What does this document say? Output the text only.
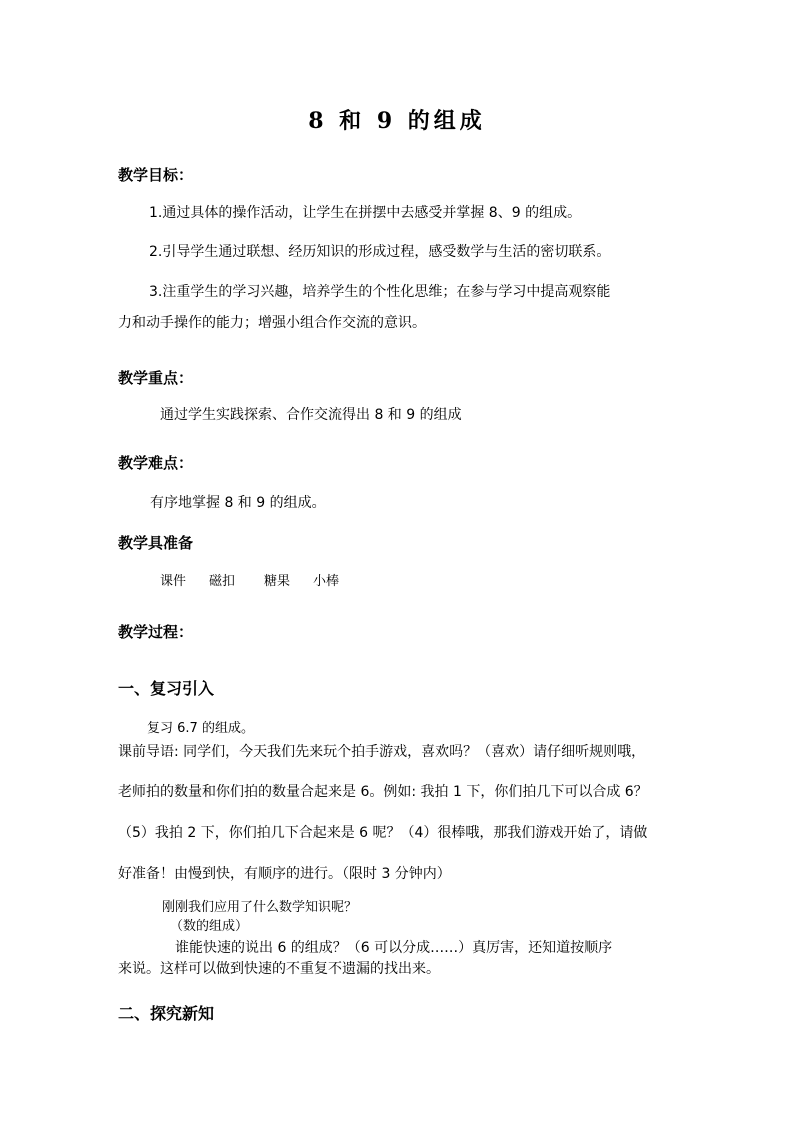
8 和 9 的组成
教学目标：
1.通过具体的操作活动，让学生在拼摆中去感受并掌握 8、9 的组成。
2.引导学生通过联想、经历知识的形成过程，感受数学与生活的密切联系。
3.注重学生的学习兴趣，培养学生的个性化思维；在参与学习中提高观察能
力和动手操作的能力；增强小组合作交流的意识。
教学重点：
通过学生实践探索、合作交流得出 8 和 9 的组成
教学难点：
有序地掌握 8 和 9 的组成。
教学具准备
课件 磁扣 糖果 小棒
教学过程：
一、复习引入
复习 6.7 的组成。
课前导语: 同学们，今天我们先来玩个拍手游戏，喜欢吗？（喜欢）请仔细听规则哦，
老师拍的数量和你们拍的数量合起来是 6。例如: 我拍 1 下，你们拍几下可以合成 6？
（5）我拍 2 下，你们拍几下合起来是 6 呢？（4）很棒哦，那我们游戏开始了，请做
好准备！由慢到快，有顺序的进行。（限时 3 分钟内）
刚刚我们应用了什么数学知识呢？
（数的组成）
谁能快速的说出 6 的组成？（6 可以分成……）真厉害，还知道按顺序
来说。这样可以做到快速的不重复不遗漏的找出来。
二、探究新知
